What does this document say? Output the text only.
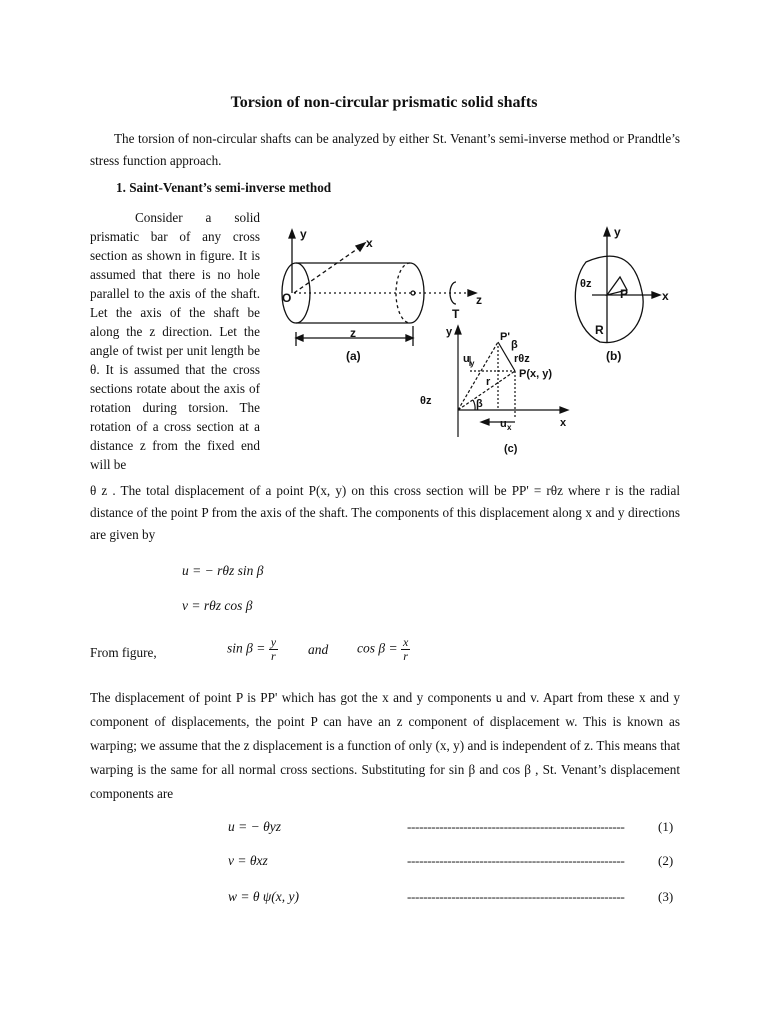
Torsion of non-circular prismatic solid shafts
The torsion of non-circular shafts can be analyzed by either St. Venant’s semi-inverse method or Prandtle’s stress function approach.
1. Saint-Venant’s semi-inverse method
Consider a solid prismatic bar of any cross section as shown in figure. It is assumed that there is no hole parallel to the axis of the shaft. Let the axis of the shaft be along the z direction. Let the angle of twist per unit length be θ. It is assumed that the cross sections rotate about the axis of rotation during torsion. The rotation of a cross section at a distance z from the fixed end will be
y
x
O	z
T
z
(a)
y
θz
P	x
R
(b)
y	P'
β
rθz
u y
P(x, y)
r
θz	β
u x	x
(c)
θ z . The total displacement of a point P(x, y) on this cross section will be PP' = rθz where r is the radial distance of the point P from the axis of the shaft. The components of this displacement along x and y directions are given by
u = − rθz sin β
v = rθz cos β
From figure,	$\sin \beta = \frac{y}{r}$ and $\cos \beta = \frac{x}{r}$
The displacement of point P is PP' which has got the x and y components u and v. Apart from these x and y component of displacements, the point P can have an z component of displacement w. This is known as warping; we assume that the z displacement is a function of only (x, y) and is independent of z. This means that warping is the same for all normal cross sections. Substituting for sin β and cos β , St. Venant’s displacement components are
u = − θyz	------------------------------------------------------	(1)
v = θxz	------------------------------------------------------	(2)
w = θ ψ(x, y)	------------------------------------------------------	(3)
